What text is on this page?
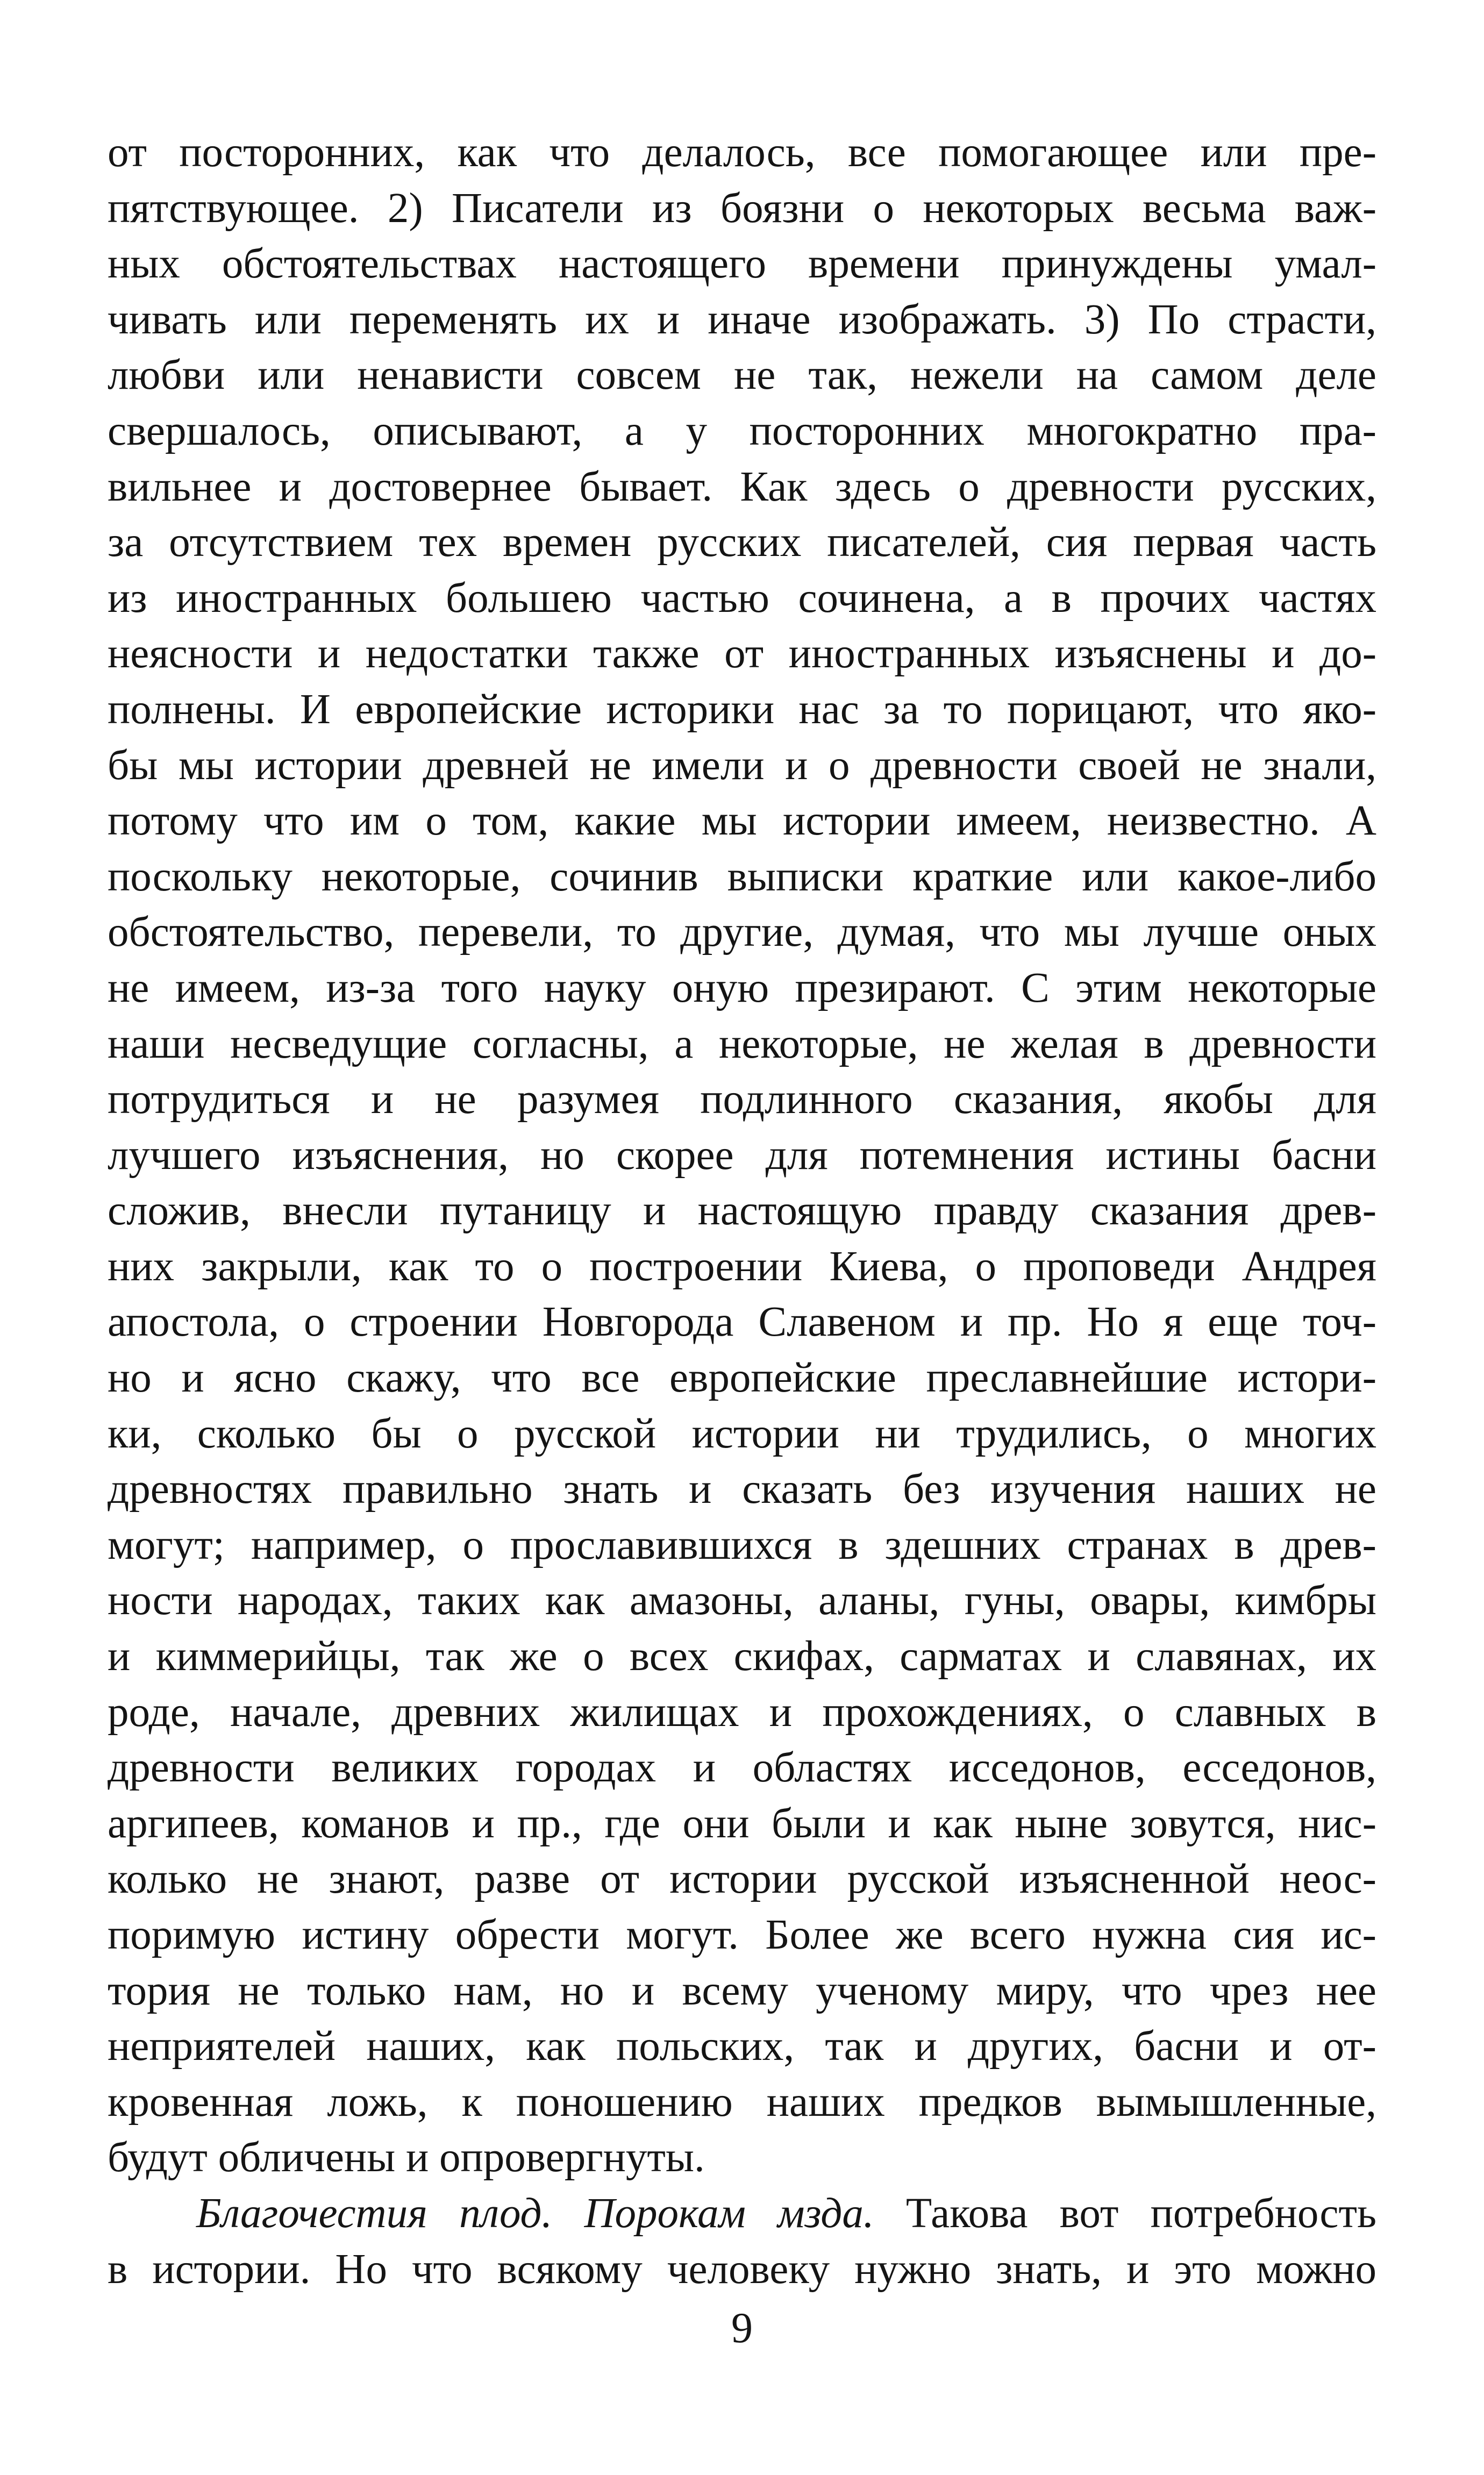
от посторонних, как что делалось, все помогающее или пре-
пятствующее. 2) Писатели из боязни о некоторых весьма важ-
ных обстоятельствах настоящего времени принуждены умал-
чивать или переменять их и иначе изображать. 3) По страсти,
любви или ненависти совсем не так, нежели на самом деле
свершалось, описывают, а у посторонних многократно пра-
вильнее и достовернее бывает. Как здесь о древности русских,
за отсутствием тех времен русских писателей, сия первая часть
из иностранных большею частью сочинена, а в прочих частях
неясности и недостатки также от иностранных изъяснены и до-
полнены. И европейские историки нас за то порицают, что яко-
бы мы истории древней не имели и о древности своей не знали,
потому что им о том, какие мы истории имеем, неизвестно. А
поскольку некоторые, сочинив выписки краткие или какое-либо
обстоятельство, перевели, то другие, думая, что мы лучше оных
не имеем, из-за того науку оную презирают. С этим некоторые
наши несведущие согласны, а некоторые, не желая в древности
потрудиться и не разумея подлинного сказания, якобы для
лучшего изъяснения, но скорее для потемнения истины басни
сложив, внесли путаницу и настоящую правду сказания древ-
них закрыли, как то о построении Киева, о проповеди Андрея
апостола, о строении Новгорода Славеном и пр. Но я еще точ-
но и ясно скажу, что все европейские преславнейшие истори-
ки, сколько бы о русской истории ни трудились, о многих
древностях правильно знать и сказать без изучения наших не
могут; например, о прославившихся в здешних странах в древ-
ности народах, таких как амазоны, аланы, гуны, овары, кимбры
и киммерийцы, так же о всех скифах, сарматах и славянах, их
роде, начале, древних жилищах и прохождениях, о славных в
древности великих городах и областях исседонов, есседонов,
аргипеев, команов и пр., где они были и как ныне зовутся, нис-
колько не знают, разве от истории русской изъясненной неос-
поримую истину обрести могут. Более же всего нужна сия ис-
тория не только нам, но и всему ученому миру, что чрез нее
неприятелей наших, как польских, так и других, басни и от-
кровенная ложь, к поношению наших предков вымышленные,
будут обличены и опровергнуты.
Благочестия плод. Порокам мзда. Такова вот потребность
в истории. Но что всякому человеку нужно знать, и это можно
9
